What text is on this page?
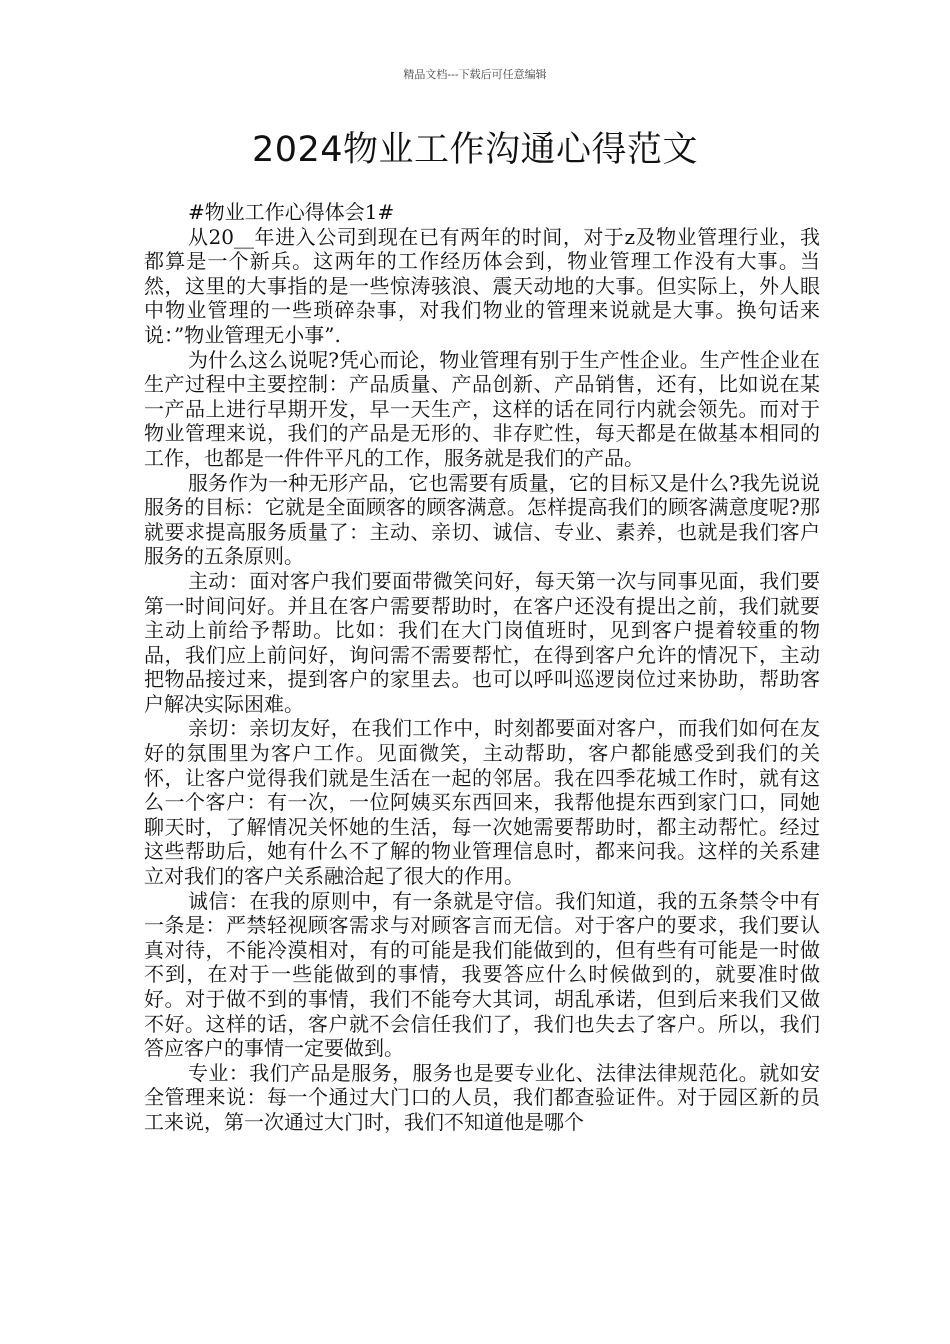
精品文档---下载后可任意编辑
2024物业工作沟通心得范文

#物业工作心得体会1#

从20__年进入公司到现在已有两年的时间，对于z及物业管理行业，我都算是一个新兵。这两年的工作经历体会到，物业管理工作没有大事。当然，这里的大事指的是一些惊涛骇浪、震天动地的大事。但实际上，外人眼中物业管理的一些琐碎杂事，对我们物业的管理来说就是大事。换句话来说：”物业管理无小事”.

为什么这么说呢?凭心而论，物业管理有别于生产性企业。生产性企业在生产过程中主要控制：产品质量、产品创新、产品销售，还有，比如说在某一产品上进行早期开发，早一天生产，这样的话在同行内就会领先。而对于物业管理来说，我们的产品是无形的、非存贮性，每天都是在做基本相同的工作，也都是一件件平凡的工作，服务就是我们的产品。

服务作为一种无形产品，它也需要有质量，它的目标又是什么?我先说说服务的目标：它就是全面顾客的顾客满意。怎样提高我们的顾客满意度呢?那就要求提高服务质量了：主动、亲切、诚信、专业、素养，也就是我们客户服务的五条原则。

主动：面对客户我们要面带微笑问好，每天第一次与同事见面，我们要第一时间问好。并且在客户需要帮助时，在客户还没有提出之前，我们就要主动上前给予帮助。比如：我们在大门岗值班时，见到客户提着较重的物品，我们应上前问好，询问需不需要帮忙，在得到客户允许的情况下，主动把物品接过来，提到客户的家里去。也可以呼叫巡逻岗位过来协助，帮助客户解决实际困难。

亲切：亲切友好，在我们工作中，时刻都要面对客户，而我们如何在友好的氛围里为客户工作。见面微笑，主动帮助，客户都能感受到我们的关怀，让客户觉得我们就是生活在一起的邻居。我在四季花城工作时，就有这么一个客户：有一次，一位阿姨买东西回来，我帮他提东西到家门口，同她聊天时，了解情况关怀她的生活，每一次她需要帮助时，都主动帮忙。经过这些帮助后，她有什么不了解的物业管理信息时，都来问我。这样的关系建立对我们的客户关系融洽起了很大的作用。

诚信：在我的原则中，有一条就是守信。我们知道，我的五条禁令中有一条是：严禁轻视顾客需求与对顾客言而无信。对于客户的要求，我们要认真对待，不能冷漠相对，有的可能是我们能做到的，但有些有可能是一时做不到，在对于一些能做到的事情，我要答应什么时候做到的，就要准时做好。对于做不到的事情，我们不能夸大其词，胡乱承诺，但到后来我们又做不好。这样的话，客户就不会信任我们了，我们也失去了客户。所以，我们答应客户的事情一定要做到。

专业：我们产品是服务，服务也是要专业化、法律法律规范化。就如安全管理来说：每一个通过大门口的人员，我们都查验证件。对于园区新的员工来说，第一次通过大门时，我们不知道他是哪个
